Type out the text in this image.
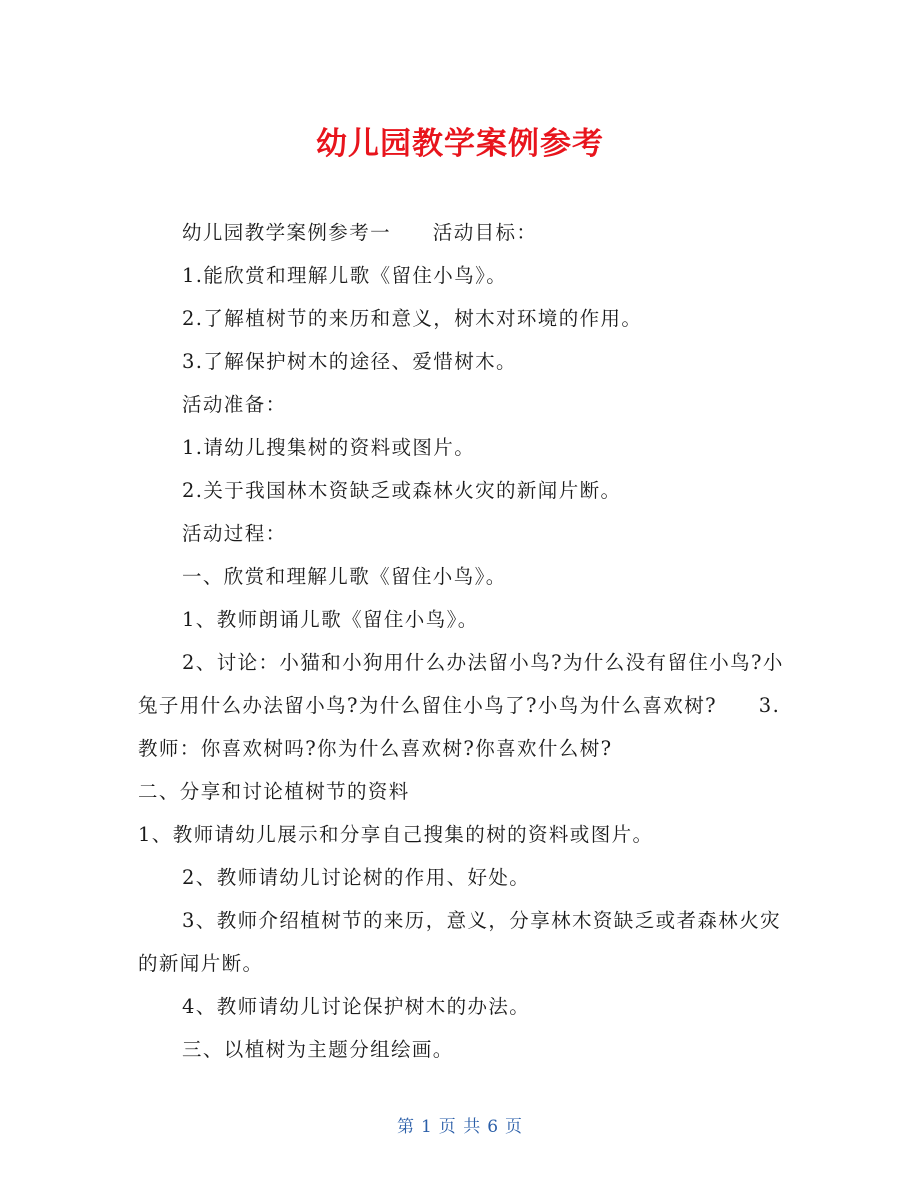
幼儿园教学案例参考

幼儿园教学案例参考一　　活动目标：

1.能欣赏和理解儿歌《留住小鸟》。

2.了解植树节的来历和意义，树木对环境的作用。

3.了解保护树木的途径、爱惜树木。

活动准备：

1.请幼儿搜集树的资料或图片。

2.关于我国林木资缺乏或森林火灾的新闻片断。

活动过程：

一、欣赏和理解儿歌《留住小鸟》。

1、教师朗诵儿歌《留住小鸟》。

2、讨论：小猫和小狗用什么办法留小鸟?为什么没有留住小鸟?小兔子用什么办法留小鸟?为什么留住小鸟了?小鸟为什么喜欢树?　　3.教师：你喜欢树吗?你为什么喜欢树?你喜欢什么树?

二、分享和讨论植树节的资料

1、教师请幼儿展示和分享自己搜集的树的资料或图片。

2、教师请幼儿讨论树的作用、好处。

3、教师介绍植树节的来历，意义，分享林木资缺乏或者森林火灾的新闻片断。

4、教师请幼儿讨论保护树木的办法。

三、以植树为主题分组绘画。

第 1 页 共 6 页
